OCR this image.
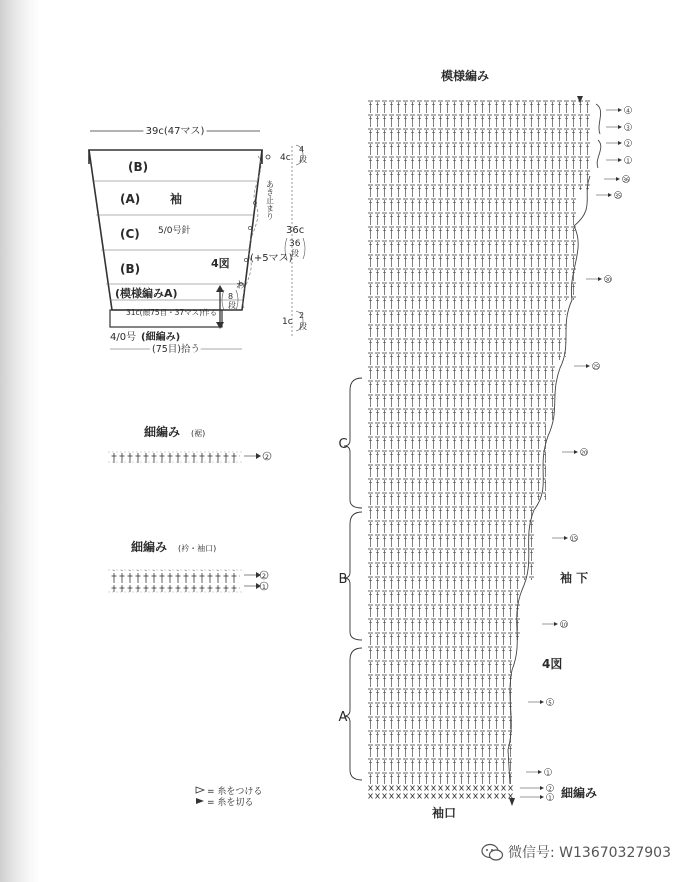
39c(47マス)
(B)
(A) 袖
(C) 5/0号針
(B)	4図
(模様編みA)
31c(顔75目・37マス)作る
4c
4
段
あき止まり
36c
36
段
(+5マス)
わ
8
段
1c
2
段
4/0号 (細編み)
(75目)拾う
細編み (裾)
2
細編み (衿・袖口)
2
1
= 糸をつける
= 糸を切る
模様編み
C
B
A
4
3
2
1
36
35
30
25
20
15
10
5
1
2
1
袖 下
4図
細編み
袖口
微信号: W13670327903
